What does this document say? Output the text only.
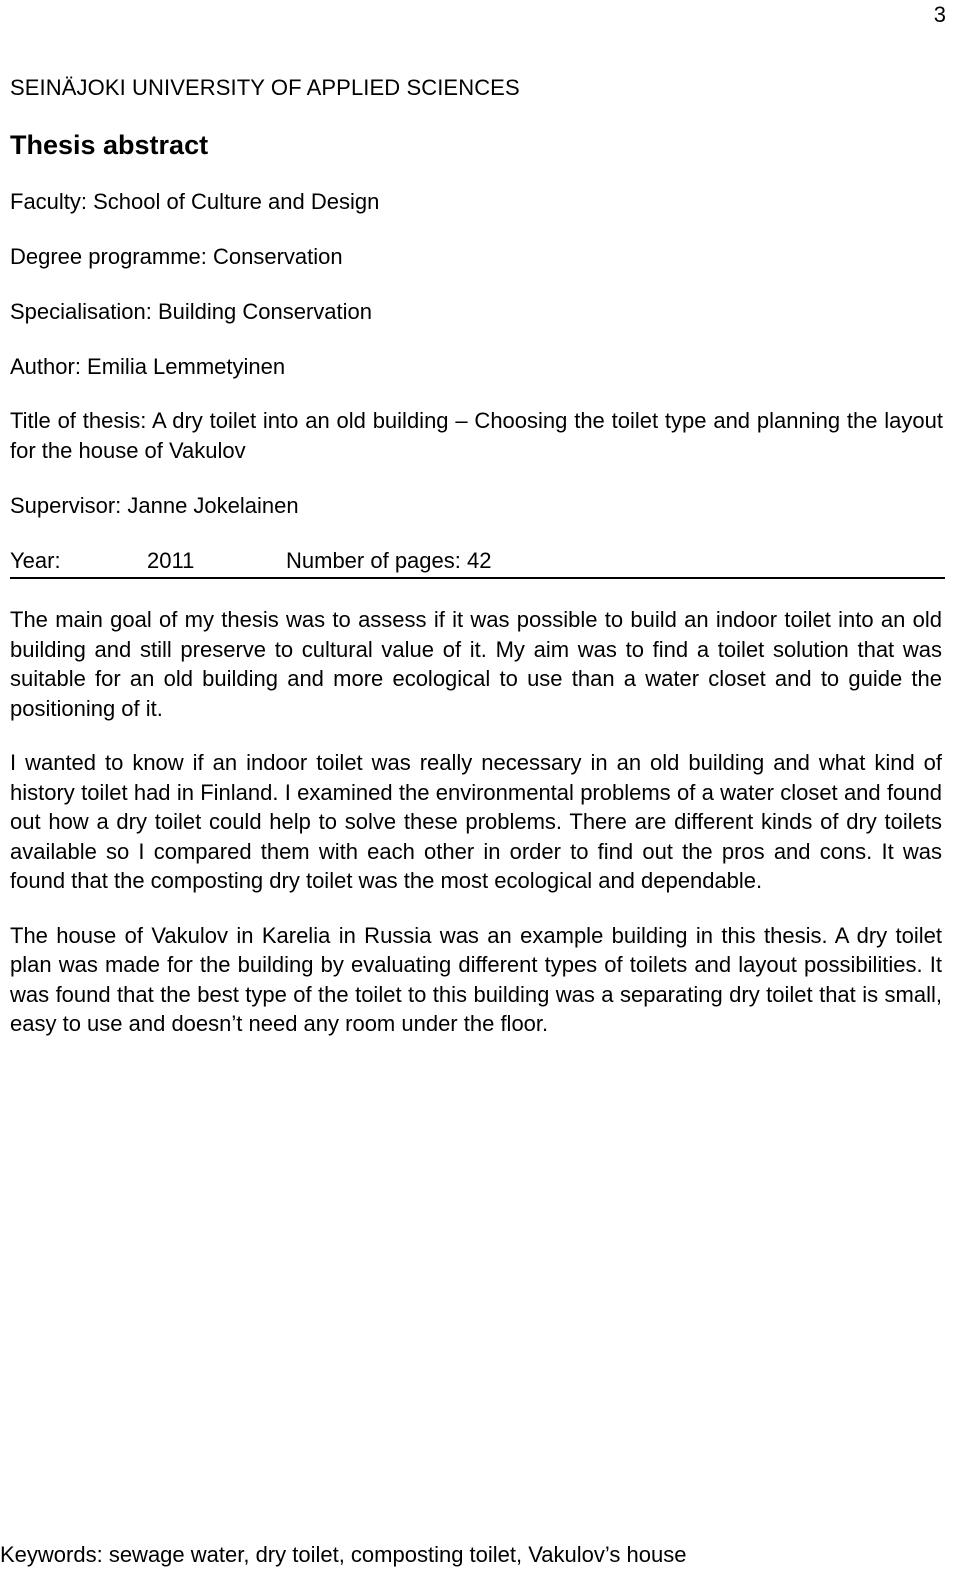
3
SEINÄJOKI UNIVERSITY OF APPLIED SCIENCES
Thesis abstract
Faculty: School of Culture and Design
Degree programme: Conservation
Specialisation: Building Conservation
Author: Emilia Lemmetyinen
Title of thesis: A dry toilet into an old building – Choosing the toilet type and planning the layout for the house of Vakulov
Supervisor: Janne Jokelainen
Year:	2011	Number of pages: 42

The main goal of my thesis was to assess if it was possible to build an indoor toilet into an old building and still preserve to cultural value of it. My aim was to find a toilet solution that was suitable for an old building and more ecological to use than a water closet and to guide the positioning of it.

I wanted to know if an indoor toilet was really necessary in an old building and what kind of history toilet had in Finland. I examined the environmental problems of a water closet and found out how a dry toilet could help to solve these problems. There are different kinds of dry toilets available so I compared them with each other in order to find out the pros and cons. It was found that the composting dry toilet was the most ecological and dependable.

The house of Vakulov in Karelia in Russia was an example building in this thesis. A dry toilet plan was made for the building by evaluating different types of toilets and layout possibilities. It was found that the best type of the toilet to this building was a separating dry toilet that is small, easy to use and doesn’t need any room under the floor.

Keywords: sewage water, dry toilet, composting toilet, Vakulov’s house
